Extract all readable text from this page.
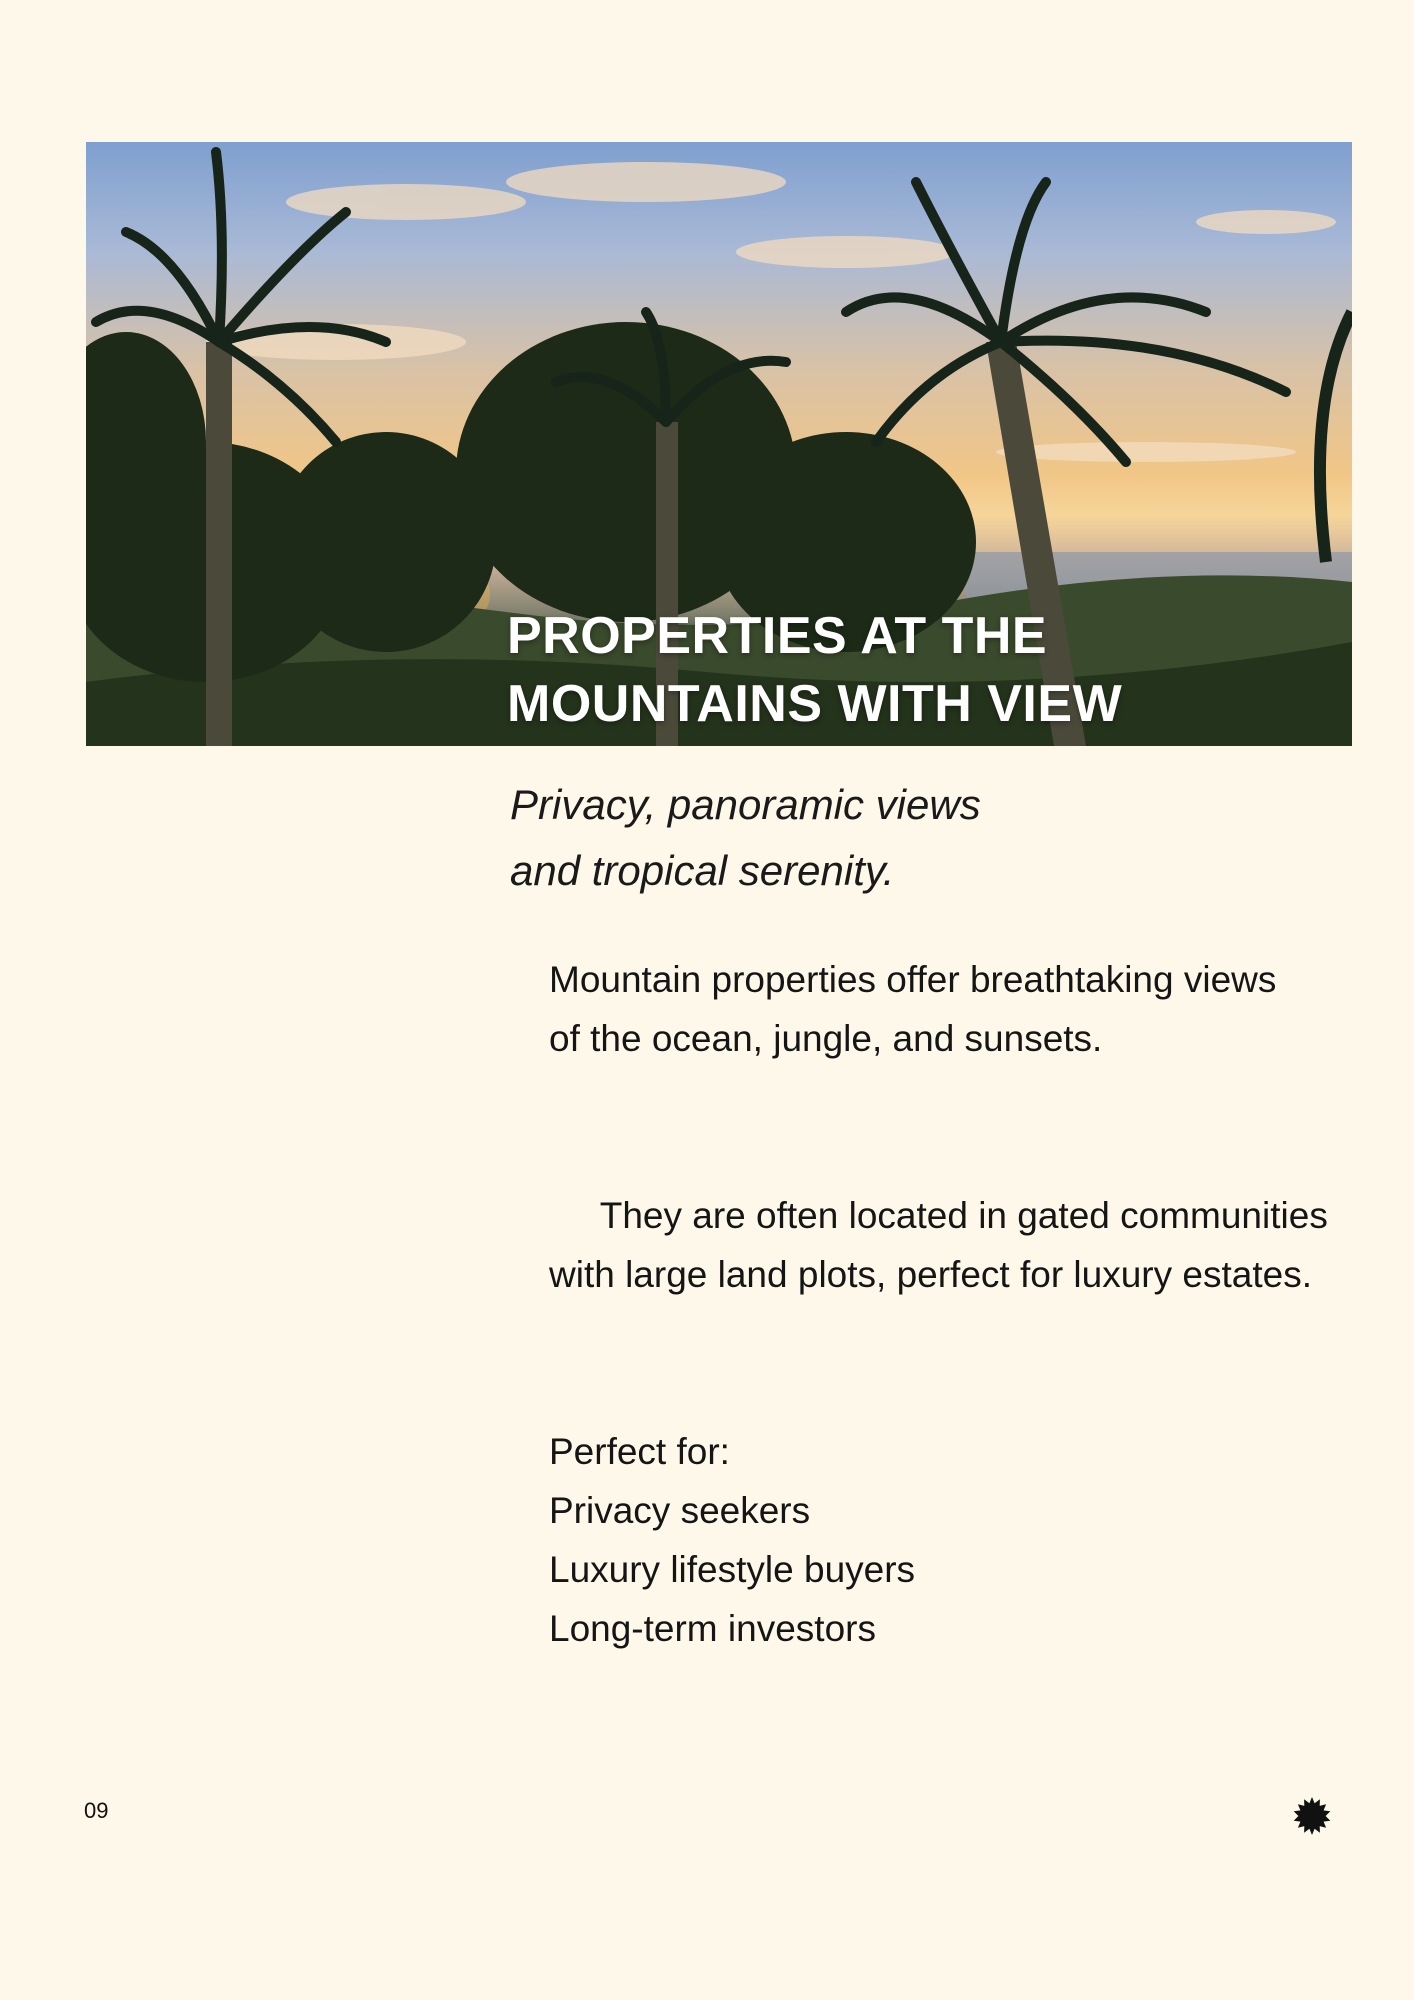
PROPERTIES AT THE
MOUNTAINS WITH VIEW

Privacy, panoramic views
and tropical serenity.

Mountain properties offer breathtaking views
of the ocean, jungle, and sunsets.

They are often located in gated communities
with large land plots, perfect for luxury estates.

Perfect for:

Privacy seekers
Luxury lifestyle buyers
Long-term investors
09
